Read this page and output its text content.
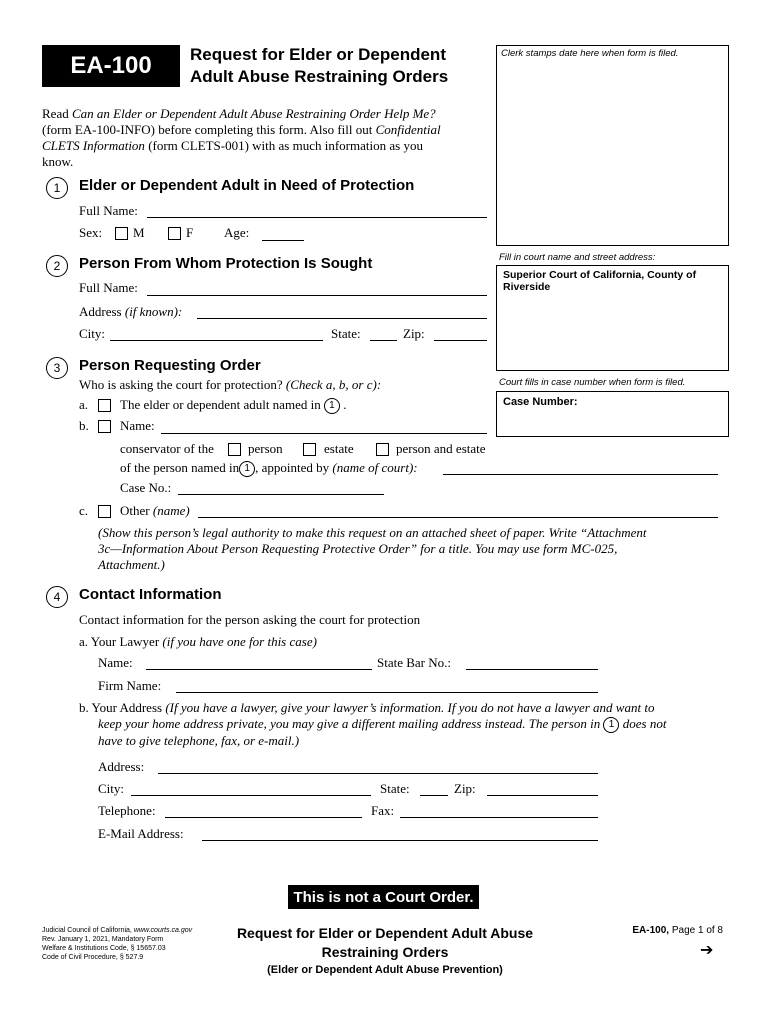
EA-100 Request for Elder or Dependent
Adult Abuse Restraining Orders
Clerk stamps date here when form is filed.
Read Can an Elder or Dependent Adult Abuse Restraining Order Help Me?
(form EA-100-INFO) before completing this form. Also fill out Confidential
CLETS Information (form CLETS-001) with as much information as you
know.
1	Elder or Dependent Adult in Need of Protection
Full Name:
Sex: M	F Age:
Fill in court name and street address:
Superior Court of California, County of Riverside
2	Person From Whom Protection Is Sought
Full Name:
Address (if known):
City:	State:	Zip:
Court fills in case number when form is filed.
Case Number:
3	Person Requesting Order
Who is asking the court for protection? (Check a, b, or c):
a. The elder or dependent adult named in 1 .
b. Name:
conservator of the	person	estate	person and estate
of the person named in 1 , appointed by (name of court):
Case No.:
c. Other (name)
(Show this person’s legal authority to make this request on an attached sheet of paper. Write “Attachment
3c—Information About Person Requesting Protective Order” for a title. You may use form MC-025,
Attachment.)
4	Contact Information
Contact information for the person asking the court for protection
a. Your Lawyer (if you have one for this case)
Name:	State Bar No.:
Firm Name:
b. Your Address (If you have a lawyer, give your lawyer’s information. If you do not have a lawyer and want to
keep your home address private, you may give a different mailing address instead. The person in 1 does not
have to give telephone, fax, or e-mail.)
Address:
City:	State:	Zip:
Telephone:	Fax:
E-Mail Address:
This is not a Court Order.
Judicial Council of California, www.courts.ca.gov
Rev. January 1, 2021, Mandatory Form
Welfare & Institutions Code, § 15657.03
Code of Civil Procedure, § 527.9
Request for Elder or Dependent Adult Abuse
Restraining Orders
(Elder or Dependent Adult Abuse Prevention)
EA-100, Page 1 of 8
➔
